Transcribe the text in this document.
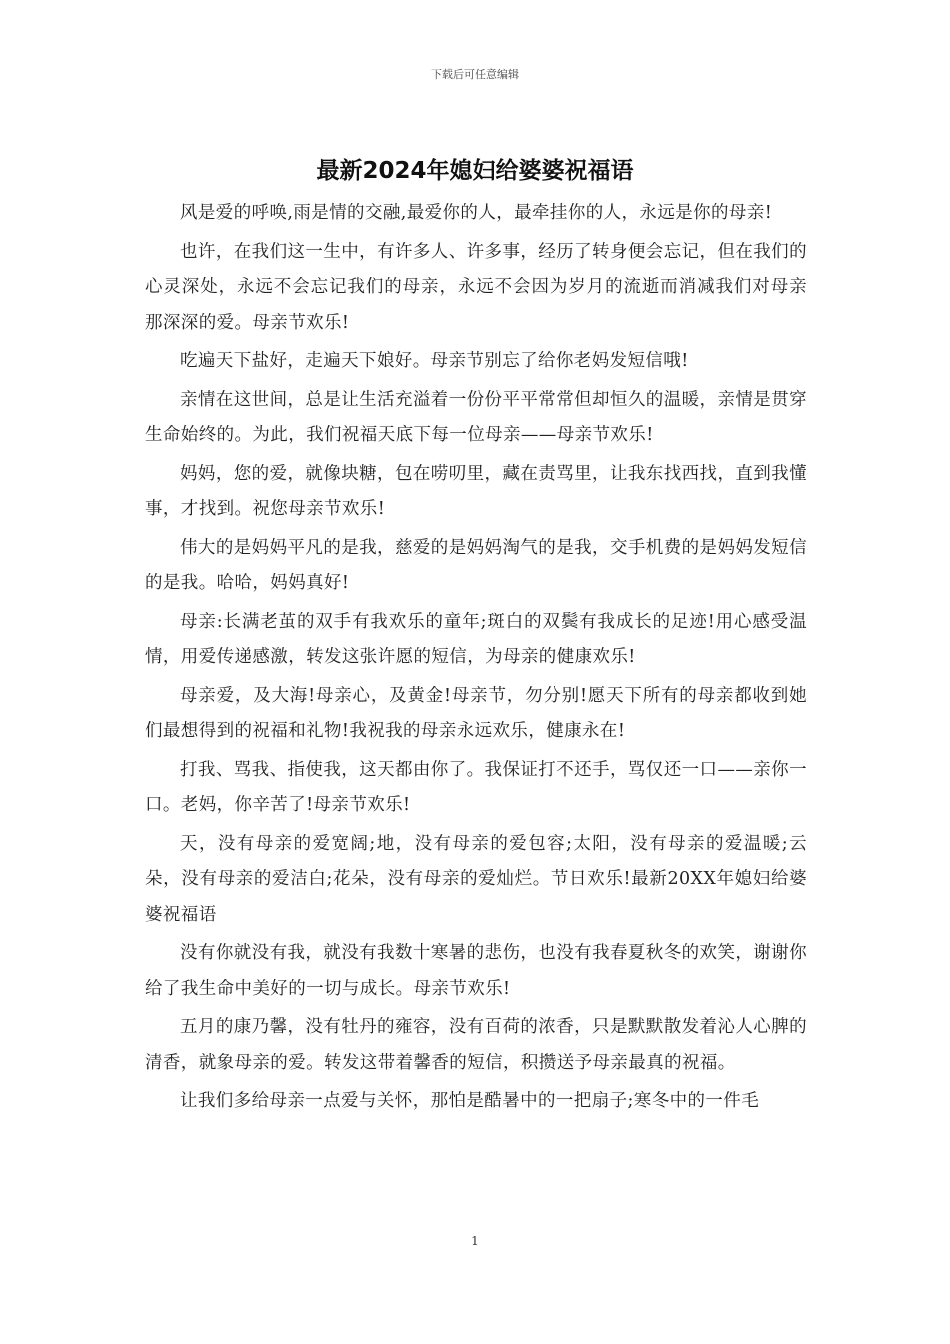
下载后可任意编辑
最新2024年媳妇给婆婆祝福语

风是爱的呼唤,雨是情的交融,最爱你的人，最牵挂你的人，永远是你的母亲!

也许，在我们这一生中，有许多人、许多事，经历了转身便会忘记，但在我们的心灵深处，永远不会忘记我们的母亲，永远不会因为岁月的流逝而消减我们对母亲那深深的爱。母亲节欢乐!

吃遍天下盐好，走遍天下娘好。母亲节别忘了给你老妈发短信哦!

亲情在这世间，总是让生活充溢着一份份平平常常但却恒久的温暖，亲情是贯穿生命始终的。为此，我们祝福天底下每一位母亲——母亲节欢乐!

妈妈，您的爱，就像块糖，包在唠叨里，藏在责骂里，让我东找西找，直到我懂事，才找到。祝您母亲节欢乐!

伟大的是妈妈平凡的是我，慈爱的是妈妈淘气的是我，交手机费的是妈妈发短信的是我。哈哈，妈妈真好!

母亲:长满老茧的双手有我欢乐的童年;斑白的双鬓有我成长的足迹!用心感受温情，用爱传递感激，转发这张许愿的短信，为母亲的健康欢乐!

母亲爱，及大海!母亲心，及黄金!母亲节，勿分别!愿天下所有的母亲都收到她们最想得到的祝福和礼物!我祝我的母亲永远欢乐，健康永在!

打我、骂我、指使我，这天都由你了。我保证打不还手，骂仅还一口——亲你一口。老妈，你辛苦了!母亲节欢乐!

天，没有母亲的爱宽阔;地，没有母亲的爱包容;太阳，没有母亲的爱温暖;云朵，没有母亲的爱洁白;花朵，没有母亲的爱灿烂。节日欢乐!最新20XX年媳妇给婆婆祝福语

没有你就没有我，就没有我数十寒暑的悲伤，也没有我春夏秋冬的欢笑，谢谢你给了我生命中美好的一切与成长。母亲节欢乐!

五月的康乃馨，没有牡丹的雍容，没有百荷的浓香，只是默默散发着沁人心脾的清香，就象母亲的爱。转发这带着馨香的短信，积攒送予母亲最真的祝福。

让我们多给母亲一点爱与关怀，那怕是酷暑中的一把扇子;寒冬中的一件毛

1
